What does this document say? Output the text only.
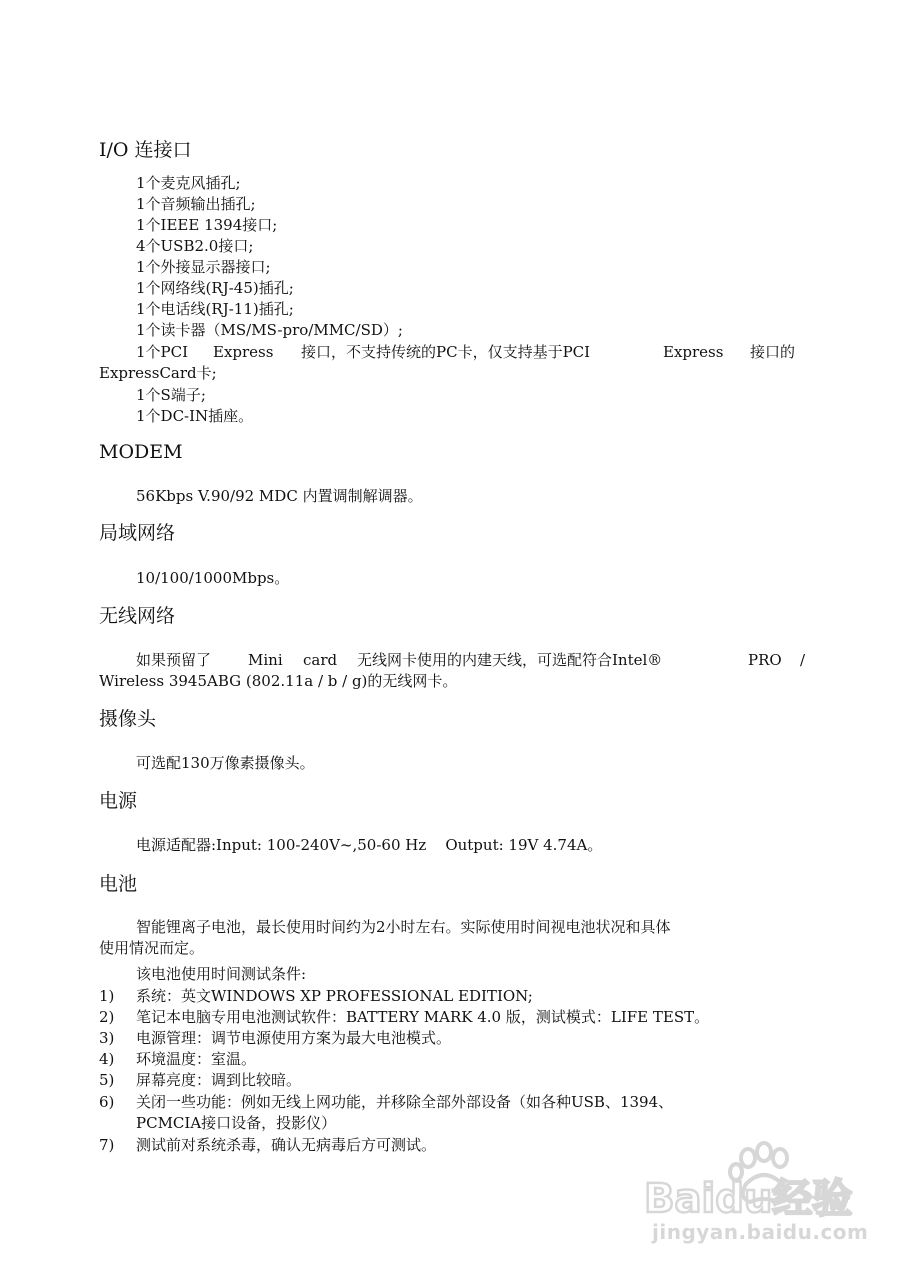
I/O 连接口
1个麦克风插孔;
1个音频输出插孔;
1个IEEE 1394接口;
4个USB2.0接口;
1个外接显示器接口;
1个网络线(RJ-45)插孔;
1个电话线(RJ-11)插孔;
1个读卡器（MS/MS-pro/MMC/SD）;
1个PCI Express 接口，不支持传统的PC卡，仅支持基于PCI	Express 接口的
ExpressCard卡;
1个S端子;
1个DC-IN插座。
MODEM
56Kbps V.90/92 MDC 内置调制解调器。
局域网络
10/100/1000Mbps。
无线网络
如果预留了 Mini card 无线网卡使用的内建天线，可选配符合Intel®	PRO /
Wireless 3945ABG (802.11a / b / g)的无线网卡。
摄像头
可选配130万像素摄像头。
电源
电源适配器:Input: 100-240V~,50-60 Hz    Output: 19V 4.74A。
电池
智能锂离子电池，最长使用时间约为2小时左右。实际使用时间视电池状况和具体
使用情况而定。
该电池使用时间测试条件:
1) 系统：英文WINDOWS XP PROFESSIONAL EDITION;
2) 笔记本电脑专用电池测试软件：BATTERY MARK 4.0 版，测试模式：LIFE TEST。
3) 电源管理：调节电源使用方案为最大电池模式。
4) 环境温度：室温。
5) 屏幕亮度：调到比较暗。
6) 关闭一些功能：例如无线上网功能，并移除全部外部设备（如各种USB、1394、
PCMCIA接口设备，投影仪）
7) 测试前对系统杀毒，确认无病毒后方可测试。
Baidu经验
jingyan.baidu.com
